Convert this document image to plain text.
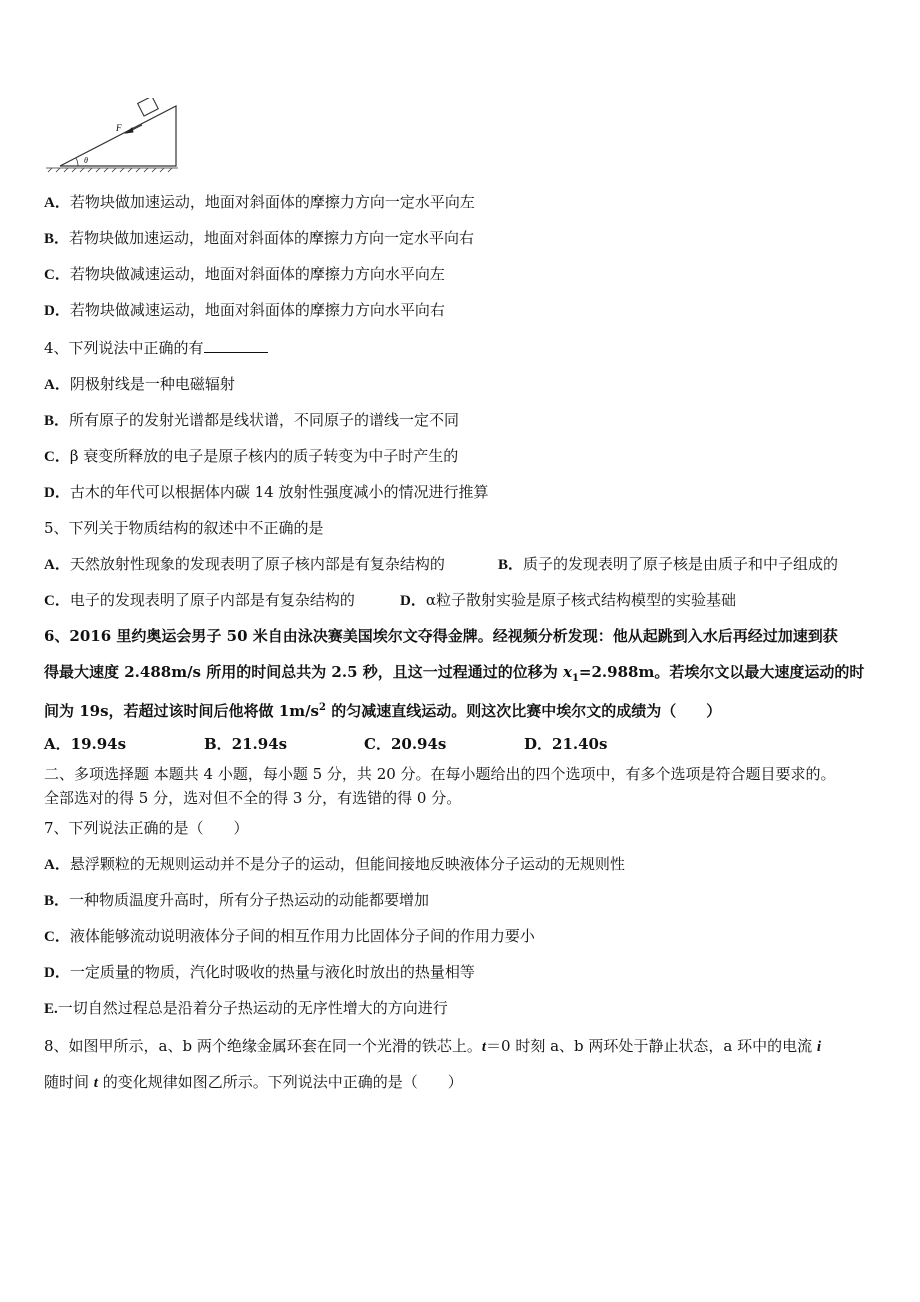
F
θ
A．若物块做加速运动，地面对斜面体的摩擦力方向一定水平向左
B．若物块做加速运动，地面对斜面体的摩擦力方向一定水平向右
C．若物块做减速运动，地面对斜面体的摩擦力方向水平向左
D．若物块做减速运动，地面对斜面体的摩擦力方向水平向右
4、下列说法中正确的有
A．阴极射线是一种电磁辐射
B．所有原子的发射光谱都是线状谱，不同原子的谱线一定不同
C．β 衰变所释放的电子是原子核内的质子转变为中子时产生的
D．古木的年代可以根据体内碳 14 放射性强度减小的情况进行推算
5、下列关于物质结构的叙述中不正确的是
A．天然放射性现象的发现表明了原子核内部是有复杂结构的	B．质子的发现表明了原子核是由质子和中子组成的
C．电子的发现表明了原子内部是有复杂结构的	D．α粒子散射实验是原子核式结构模型的实验基础
6、2016 里约奥运会男子 50 米自由泳决赛美国埃尔文夺得金牌。经视频分析发现：他从起跳到入水后再经过加速到获
得最大速度 2.488m/s 所用的时间总共为 2.5 秒，且这一过程通过的位移为 $x_1=2.988m$。若埃尔文以最大速度运动的时
间为 19s，若超过该时间后他将做 $1m/s^2$ 的匀减速直线运动。则这次比赛中埃尔文的成绩为（　　）
A．19.94s	B．21.94s	C．20.94s	D．21.40s
二、多项选择题 本题共 4 小题，每小题 5 分，共 20 分。在每小题给出的四个选项中，有多个选项是符合题目要求的。
全部选对的得 5 分，选对但不全的得 3 分，有选错的得 0 分。
7、下列说法正确的是（　　）
A．悬浮颗粒的无规则运动并不是分子的运动，但能间接地反映液体分子运动的无规则性
B．一种物质温度升高时，所有分子热运动的动能都要增加
C．液体能够流动说明液体分子间的相互作用力比固体分子间的作用力要小
D．一定质量的物质，汽化时吸收的热量与液化时放出的热量相等
E.一切自然过程总是沿着分子热运动的无序性增大的方向进行
8、如图甲所示，a、b 两个绝缘金属环套在同一个光滑的铁芯上。t＝0 时刻 a、b 两环处于静止状态，a 环中的电流 i
随时间 t 的变化规律如图乙所示。下列说法中正确的是（　　）
